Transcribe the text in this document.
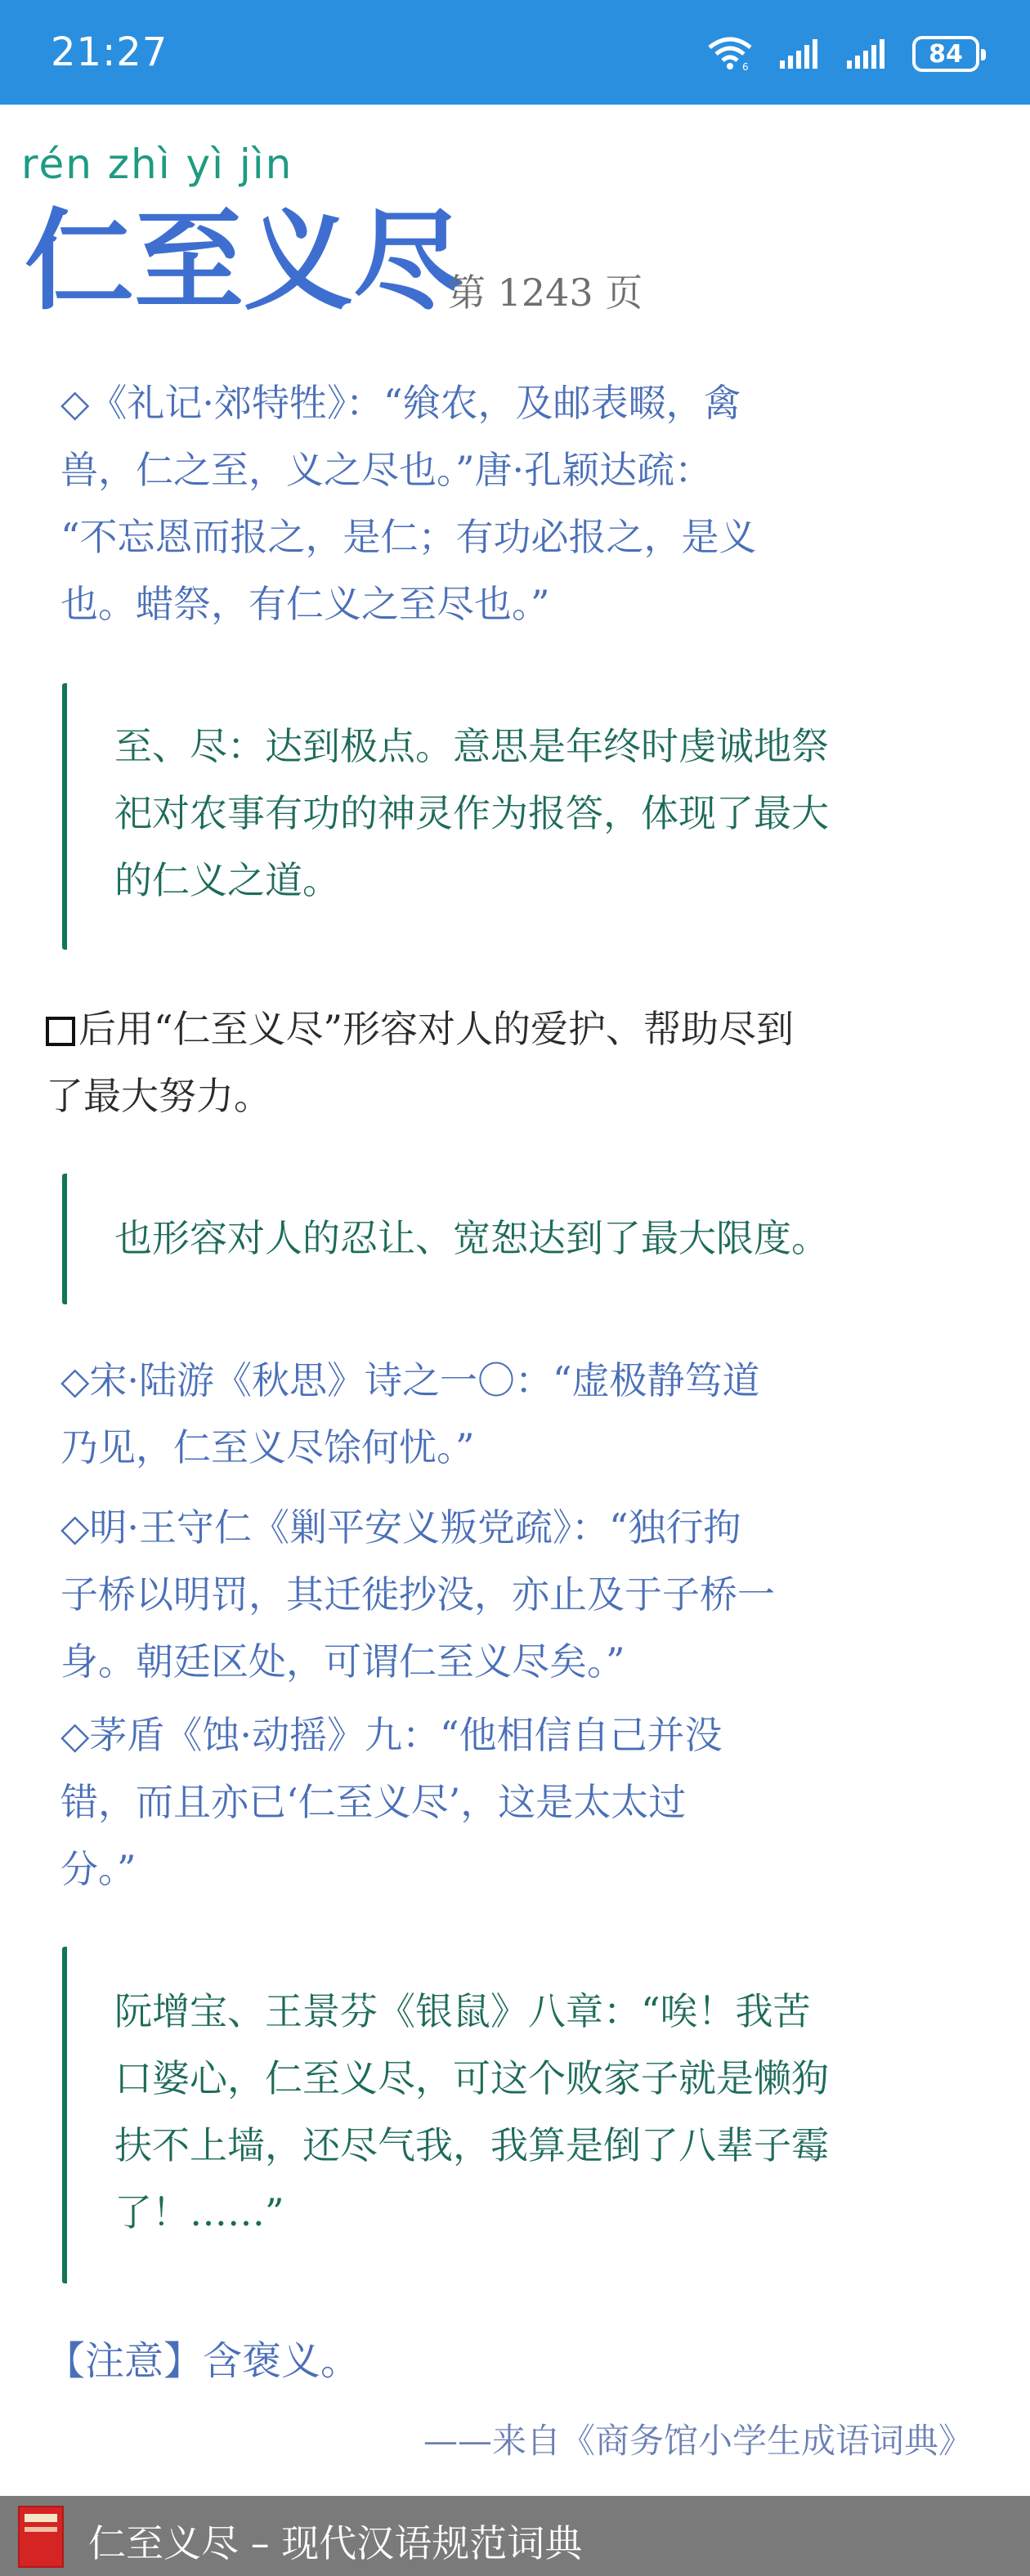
21:27	6	84
rén zhì yì jìn
仁至义尽
第 1243 页
◇《礼记·郊特牲》：“飨农，及邮表畷，禽
兽，仁之至，义之尽也。”唐·孔颖达疏：
“不忘恩而报之，是仁；有功必报之，是义
也。蜡祭，有仁义之至尽也。”
至、尽：达到极点。意思是年终时虔诚地祭
祀对农事有功的神灵作为报答，体现了最大
的仁义之道。
后用“仁至义尽”形容对人的爱护、帮助尽到
了最大努力。
也形容对人的忍让、宽恕达到了最大限度。
◇宋·陆游《秋思》诗之一〇：“虚极静笃道
乃见，仁至义尽馀何忧。”
◇明·王守仁《剿平安义叛党疏》：“独行拘
子桥以明罚，其迁徙抄没，亦止及于子桥一
身。朝廷区处，可谓仁至义尽矣。”
◇茅盾《蚀·动摇》九：“他相信自己并没
错，而且亦已‘仁至义尽’，这是太太过
分。”
阮增宝、王景芬《银鼠》八章：“唉！我苦
口婆心，仁至义尽，可这个败家子就是懒狗
扶不上墙，还尽气我，我算是倒了八辈子霉
了！……”
【注意】含褒义。
——来自《商务馆小学生成语词典》
仁至义尽 – 现代汉语规范词典
